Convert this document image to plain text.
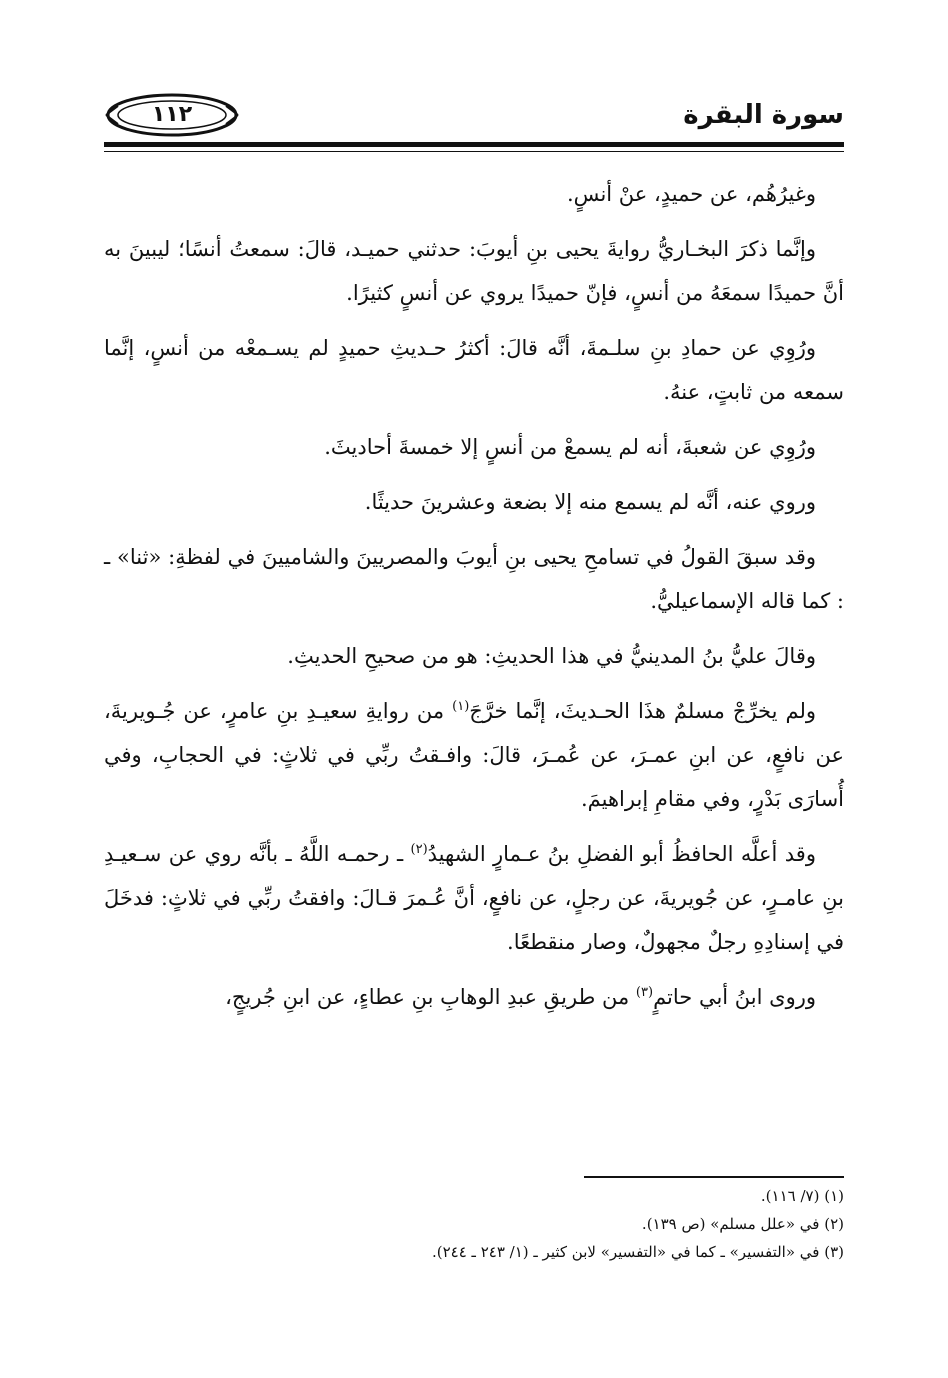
١١٢	سورة البقرة

وغيرُهُم، عن حميدٍ، عنْ أنسٍ.

وإنَّما ذكرَ البخـاريُّ روايةَ يحيى بنِ أيوبَ: حدثني حميـد، قالَ: سمعتُ أنسًا؛ ليبينَ به أنَّ حميدًا سمعَهُ من أنسٍ، فإنّ حميدًا يروي عن أنسٍ كثيرًا.

ورُوِي عن حمادِ بنِ سلـمةَ، أنَّه قالَ: أكثرُ حـديثِ حميدٍ لم يسـمعْه من أنسٍ، إنَّما سمعه من ثابتٍ، عنهُ.

ورُوِي عن شعبةَ، أنه لم يسمعْ من أنسٍ إلا خمسةَ أحاديثَ.

وروي عنه، أنَّه لم يسمع منه إلا بضعة وعشرينَ حديثًا.

وقد سبقَ القولُ في تسامحِ يحيى بنِ أيوبَ والمصريينَ والشاميينَ في لفظةِ: «ثنا» ـ : كما قاله الإسماعيليُّ.

وقالَ عليُّ بنُ المدينيُّ في هذا الحديثِ: هو من صحيحِ الحديثِ.

ولم يخرِّجْ مسلمٌ هذَا الحـديثَ، إنَّما خرَّجَ$^{(١)}$ من روايةِ سعيـدِ بنِ عامرٍ، عن جُـويريةَ، عن نافعٍ، عن ابنِ عمـرَ، عن عُمـرَ، قالَ: وافـقتُ ربِّي في ثلاثٍ: في الحجابِ، وفي أُسارَى بَدْرٍ، وفي مقامِ إبراهيمَ.

وقد أعلَّه الحافظُ أبو الفضلِ بنُ عـمارٍ الشهيدُ$^{(٢)}$ ـ رحمـه اللَّهُ ـ بأنَّه روي عن سـعيـدِ بنِ عامـرٍ، عن جُويريةَ، عن رجلٍ، عن نافعٍ، أنَّ عُـمرَ قـالَ: وافقتُ ربِّي في ثلاثٍ: فدخَلَ في إسنادِهِ رجلٌ مجهولٌ، وصار منقطعًا.

وروى ابنُ أبي حاتمٍ$^{(٣)}$ من طريقِ عبدِ الوهابِ بنِ عطاءٍ، عن ابنِ جُريجٍ،

(١) (٧/ ١١٦).

(٢) في «علل مسلم» (ص ١٣٩).

(٣) في «التفسير» ـ كما في «التفسير» لابن كثير ـ (١/ ٢٤٣ ـ ٢٤٤).
